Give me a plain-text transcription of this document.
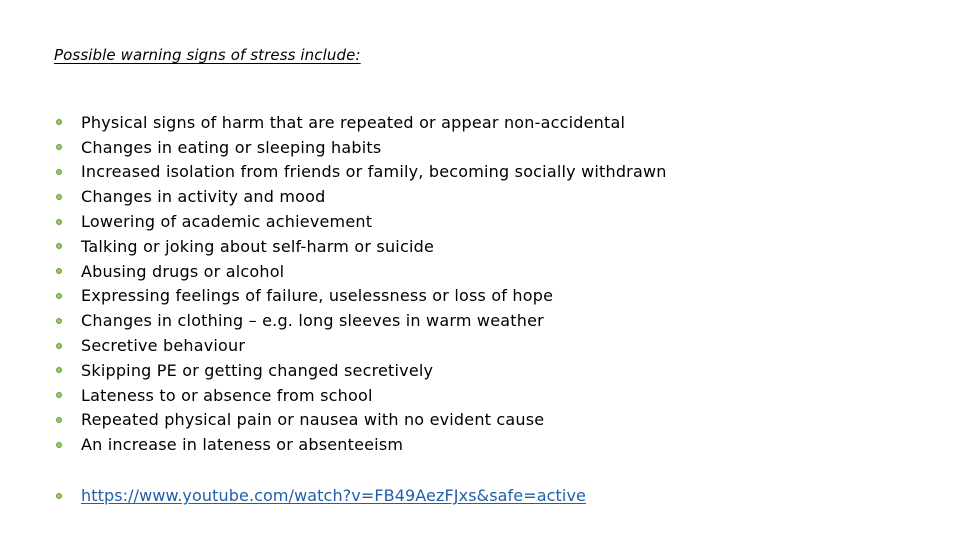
Possible warning signs of stress include:
Physical signs of harm that are repeated or appear non-accidental
Changes in eating or sleeping habits
Increased isolation from friends or family, becoming socially withdrawn
Changes in activity and mood
Lowering of academic achievement
Talking or joking about self-harm or suicide
Abusing drugs or alcohol
Expressing feelings of failure, uselessness or loss of hope
Changes in clothing – e.g. long sleeves in warm weather
Secretive behaviour
Skipping PE or getting changed secretively
Lateness to or absence from school
Repeated physical pain or nausea with no evident cause
An increase in lateness or absenteeism
https://www.youtube.com/watch?v=FB49AezFJxs&safe=active
